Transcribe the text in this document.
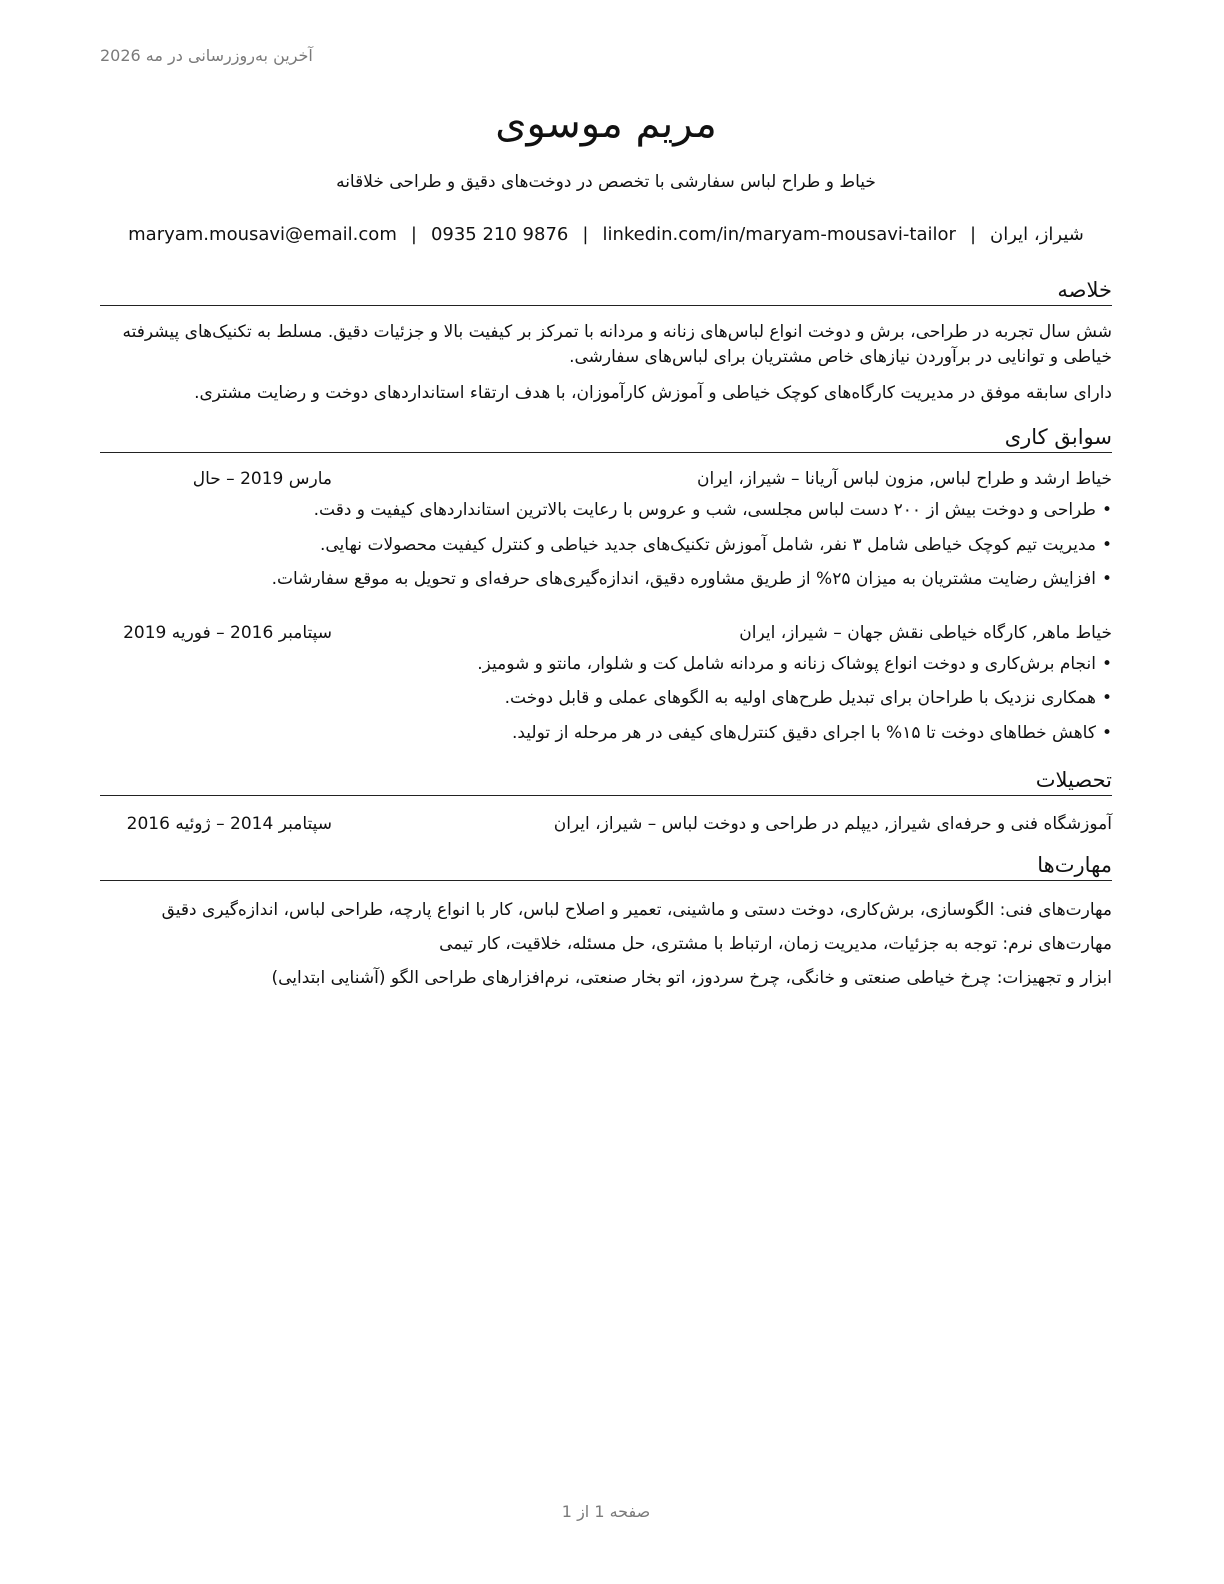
آخرین به‌روزرسانی در مه 2026
مریم موسوی
خیاط و طراح لباس سفارشی با تخصص در دوخت‌های دقیق و طراحی خلاقانه
شیراز، ایران|maryam.mousavi@email.com | 0935 210 9876 | linkedin.com/in/maryam-mousavi-tailor
خلاصه
شش سال تجربه در طراحی، برش و دوخت انواع لباس‌های زنانه و مردانه با تمرکز بر کیفیت بالا و جزئیات دقیق. مسلط به تکنیک‌های پیشرفته خیاطی و توانایی در برآوردن نیازهای خاص مشتریان برای لباس‌های سفارشی.
دارای سابقه موفق در مدیریت کارگاه‌های کوچک خیاطی و آموزش کارآموزان، با هدف ارتقاء استانداردهای دوخت و رضایت مشتری.
سوابق کاری
خیاط ارشد و طراح لباس, مزون لباس آریانا – شیراز، ایران
مارس 2019 – حال
•طراحی و دوخت بیش از ۲۰۰ دست لباس مجلسی، شب و عروس با رعایت بالاترین استانداردهای کیفیت و دقت.
•مدیریت تیم کوچک خیاطی شامل ۳ نفر، شامل آموزش تکنیک‌های جدید خیاطی و کنترل کیفیت محصولات نهایی.
•افزایش رضایت مشتریان به میزان ۲۵% از طریق مشاوره دقیق، اندازه‌گیری‌های حرفه‌ای و تحویل به موقع سفارشات.
خیاط ماهر, کارگاه خیاطی نقش جهان – شیراز، ایران
سپتامبر 2016 – فوریه 2019
•انجام برش‌کاری و دوخت انواع پوشاک زنانه و مردانه شامل کت و شلوار، مانتو و شومیز.
•همکاری نزدیک با طراحان برای تبدیل طرح‌های اولیه به الگوهای عملی و قابل دوخت.
•کاهش خطاهای دوخت تا ۱۵% با اجرای دقیق کنترل‌های کیفی در هر مرحله از تولید.
تحصیلات
آموزشگاه فنی و حرفه‌ای شیراز, دیپلم در طراحی و دوخت لباس – شیراز، ایران
سپتامبر 2014 – ژوئیه 2016
مهارت‌ها
مهارت‌های فنی: الگوسازی، برش‌کاری، دوخت دستی و ماشینی، تعمیر و اصلاح لباس، کار با انواع پارچه، طراحی لباس، اندازه‌گیری دقیق
مهارت‌های نرم: توجه به جزئیات، مدیریت زمان، ارتباط با مشتری، حل مسئله، خلاقیت، کار تیمی
ابزار و تجهیزات: چرخ خیاطی صنعتی و خانگی، چرخ سردوز، اتو بخار صنعتی، نرم‌افزارهای طراحی الگو (آشنایی ابتدایی)
صفحه 1 از 1
